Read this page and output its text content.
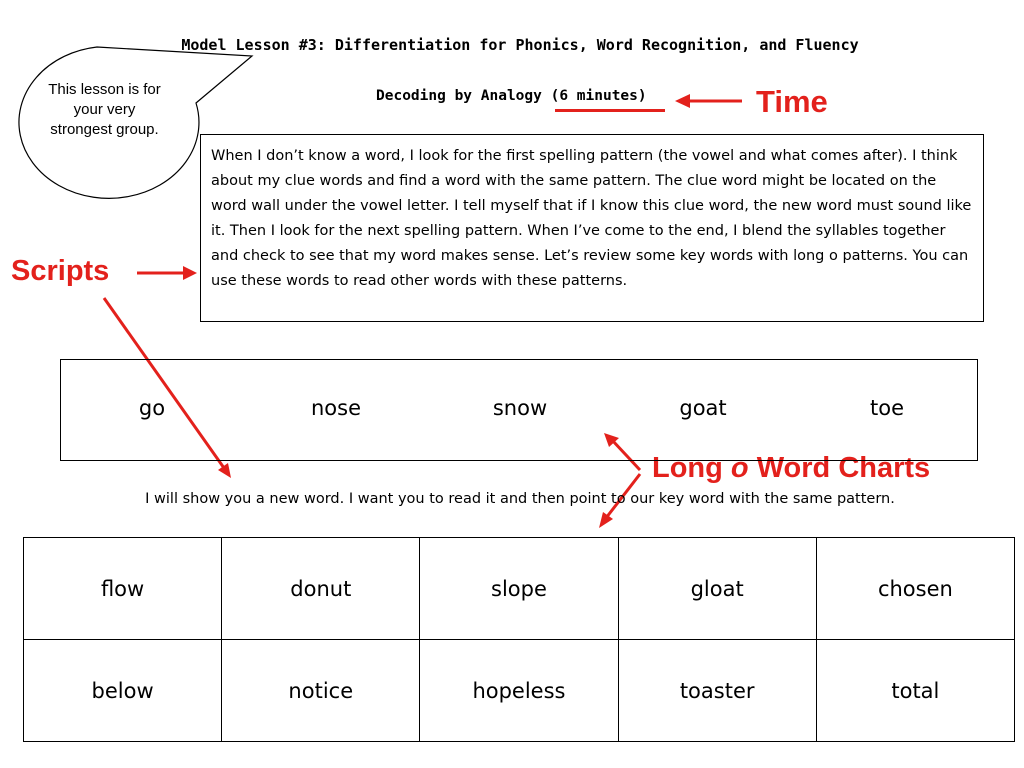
Model Lesson #3: Differentiation for Phonics, Word Recognition, and Fluency
Decoding by Analogy (6 minutes)	Time
Scripts
Long o Word Charts
This lesson is for your very strongest group.

When I don’t know a word, I look for the first spelling pattern (the vowel and what comes after). I think about my clue words and find a word with the same pattern. The clue word might be located on the word wall under the vowel letter. I tell myself that if I know this clue word, the new word must sound like it. Then I look for the next spelling pattern. When I’ve come to the end, I blend the syllables together and check to see that my word makes sense. Let’s review some key words with long o patterns. You can use these words to read other words with these patterns.

go	nose	snow	goat	toe
I will show you a new word. I want you to read it and then point to our key word with the same pattern.
flow	donut	slope	gloat	chosen
below	notice	hopeless	toaster	total
